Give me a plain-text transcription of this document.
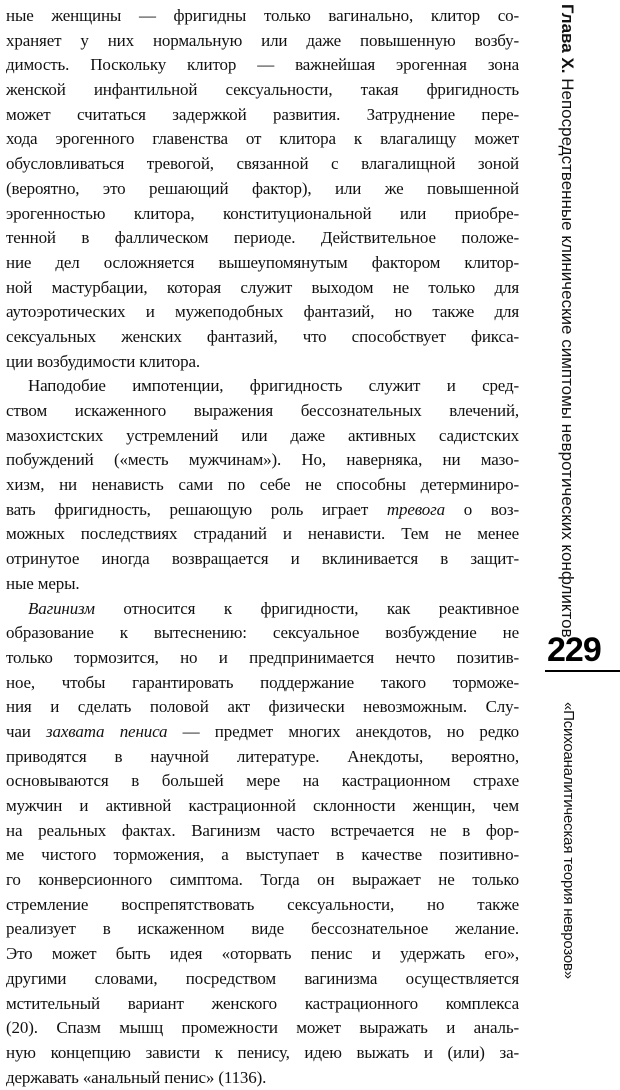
ные женщины — фригидны только вагинально, клитор со-
храняет у них нормальную или даже повышенную возбу-
димость. Поскольку клитор — важнейшая эрогенная зона
женской инфантильной сексуальности, такая фригидность
может считаться задержкой развития. Затруднение пере-
хода эрогенного главенства от клитора к влагалищу может
обусловливаться тревогой, связанной с влагалищной зоной
(вероятно, это решающий фактор), или же повышенной
эрогенностью клитора, конституциональной или приобре-
тенной в фаллическом периоде. Действительное положе-
ние дел осложняется вышеупомянутым фактором клитор-
ной мастурбации, которая служит выходом не только для
аутоэротических и мужеподобных фантазий, но также для
сексуальных женских фантазий, что способствует фикса-
ции возбудимости клитора.
Наподобие импотенции, фригидность служит и сред-
ством искаженного выражения бессознательных влечений,
мазохистских устремлений или даже активных садистских
побуждений («месть мужчинам»). Но, наверняка, ни мазо-
хизм, ни ненависть сами по себе не способны детерминиро-
вать фригидность, решающую роль играет тревога о воз-
можных последствиях страданий и ненависти. Тем не менее
отринутое иногда возвращается и вклинивается в защит-
ные меры.
Вагинизм относится к фригидности, как реактивное
образование к вытеснению: сексуальное возбуждение не
только тормозится, но и предпринимается нечто позитив-
ное, чтобы гарантировать поддержание такого торможе-
ния и сделать половой акт физически невозможным. Слу-
чаи захвата пениса — предмет многих анекдотов, но редко
приводятся в научной литературе. Анекдоты, вероятно,
основываются в большей мере на кастрационном страхе
мужчин и активной кастрационной склонности женщин, чем
на реальных фактах. Вагинизм часто встречается не в фор-
ме чистого торможения, а выступает в качестве позитивно-
го конверсионного симптома. Тогда он выражает не только
стремление воспрепятствовать сексуальности, но также
реализует в искаженном виде бессознательное желание.
Это может быть идея «оторвать пенис и удержать его»,
другими словами, посредством вагинизма осуществляется
мстительный вариант женского кастрационного комплекса
(20). Спазм мышц промежности может выражать и аналь-
ную концепцию зависти к пенису, идею выжать и (или) за-
державать «анальный пенис» (1136).
Глава X. Непосредственные клинические симптомы невротических конфликтов
229
«Психоаналитическая теория неврозов»
